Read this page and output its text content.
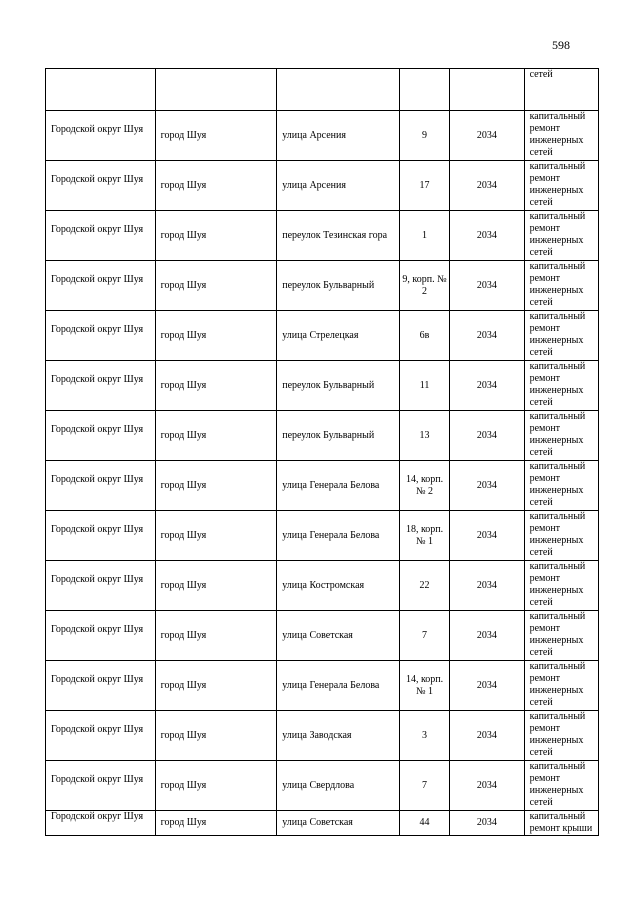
598
					сетей
Городской округ Шуя	город Шуя	улица Арсения	9	2034	капитальный ремонт инженерных сетей
Городской округ Шуя	город Шуя	улица Арсения	17	2034	капитальный ремонт инженерных сетей
Городской округ Шуя	город Шуя	переулок Тезинская гора	1	2034	капитальный ремонт инженерных сетей
Городской округ Шуя	город Шуя	переулок Бульварный	9, корп. № 2	2034	капитальный ремонт инженерных сетей
Городской округ Шуя	город Шуя	улица Стрелецкая	6в	2034	капитальный ремонт инженерных сетей
Городской округ Шуя	город Шуя	переулок Бульварный	11	2034	капитальный ремонт инженерных сетей
Городской округ Шуя	город Шуя	переулок Бульварный	13	2034	капитальный ремонт инженерных сетей
Городской округ Шуя	город Шуя	улица Генерала Белова	14, корп. № 2	2034	капитальный ремонт инженерных сетей
Городской округ Шуя	город Шуя	улица Генерала Белова	18, корп. № 1	2034	капитальный ремонт инженерных сетей
Городской округ Шуя	город Шуя	улица Костромская	22	2034	капитальный ремонт инженерных сетей
Городской округ Шуя	город Шуя	улица Советская	7	2034	капитальный ремонт инженерных сетей
Городской округ Шуя	город Шуя	улица Генерала Белова	14, корп. № 1	2034	капитальный ремонт инженерных сетей
Городской округ Шуя	город Шуя	улица Заводская	3	2034	капитальный ремонт инженерных сетей
Городской округ Шуя	город Шуя	улица Свердлова	7	2034	капитальный ремонт инженерных сетей
Городской округ Шуя	город Шуя	улица Советская	44	2034	капитальный ремонт крыши
